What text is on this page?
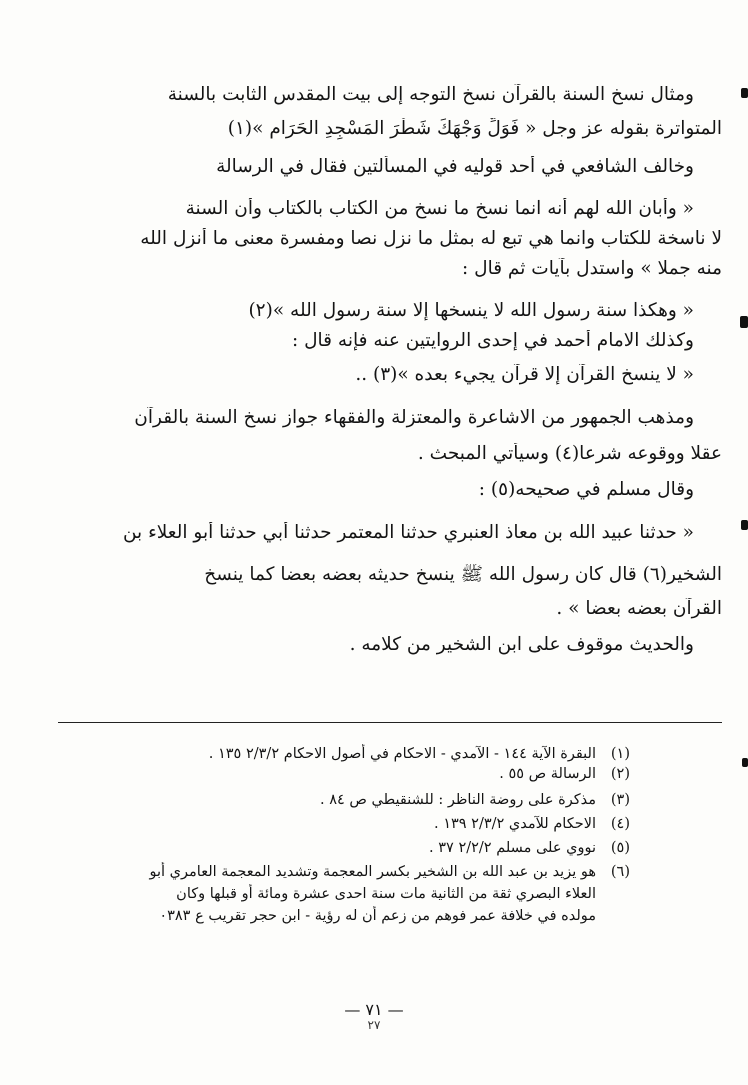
ومثال نسخ السنة بالقرآن نسخ التوجه إلى بيت المقدس الثابت بالسنة

المتواترة بقوله عز وجل « فَوَلِّ وَجْهَكَ شَطْرَ المَسْجِدِ الحَرَامِ »(١)

وخالف الشافعي في أحد قوليه في المسألتين فقال في الرسالة

« وأبان الله لهم أنه انما نسخ ما نسخ من الكتاب بالكتاب وأن السنة

لا ناسخة للكتاب وانما هي تبع له بمثل ما نزل نصا ومفسرة معنى ما أنزل الله

منه جملا » واستدل بآيات ثم قال :

« وهكذا سنة رسول الله لا ينسخها إلا سنة رسول الله »(٢)

وكذلك الامام أحمد في إحدى الروايتين عنه فإنه قال :

« لا ينسخ القرآن إلا قرآن يجيء بعده »(٣) ..

ومذهب الجمهور من الاشاعرة والمعتزلة والفقهاء جواز نسخ السنة بالقرآن

عقلا ووقوعه شرعا(٤) وسيأتي المبحث .

وقال مسلم في صحيحه(٥) :

« حدثنا عبيد الله بن معاذ العنبري حدثنا المعتمر حدثنا أبي حدثنا أبو العلاء بن

الشخير(٦) قال كان رسول الله ﷺ ينسخ حديثه بعضه بعضا كما ينسخ

القرآن بعضه بعضا » .

والحديث موقوف على ابن الشخير من كلامه .

(١)البقرة الآية ١٤٤ - الآمدي - الاحكام في أصول الاحكام ٢/٣/٢ ١٣٥ .
(٢)الرسالة ص ٥٥ .
(٣)مذكرة على روضة الناظر : للشنقيطي ص ٨٤ .
(٤)الاحكام للآمدي ٢/٣/٢ ١٣٩ .
(٥)نووي على مسلم ٢/٢/٢ ٣٧ .
(٦)هو يزيد بن عبد الله بن الشخير بكسر المعجمة وتشديد المعجمة العامري أبو
العلاء البصري ثقة من الثانية مات سنة احدى عشرة ومائة أو قبلها وكان
مولده في خلافة عمر فوهم من زعم أن له رؤية - ابن حجر تقريب ع ٠٣٨٣
— ٧١ —
٢٧
